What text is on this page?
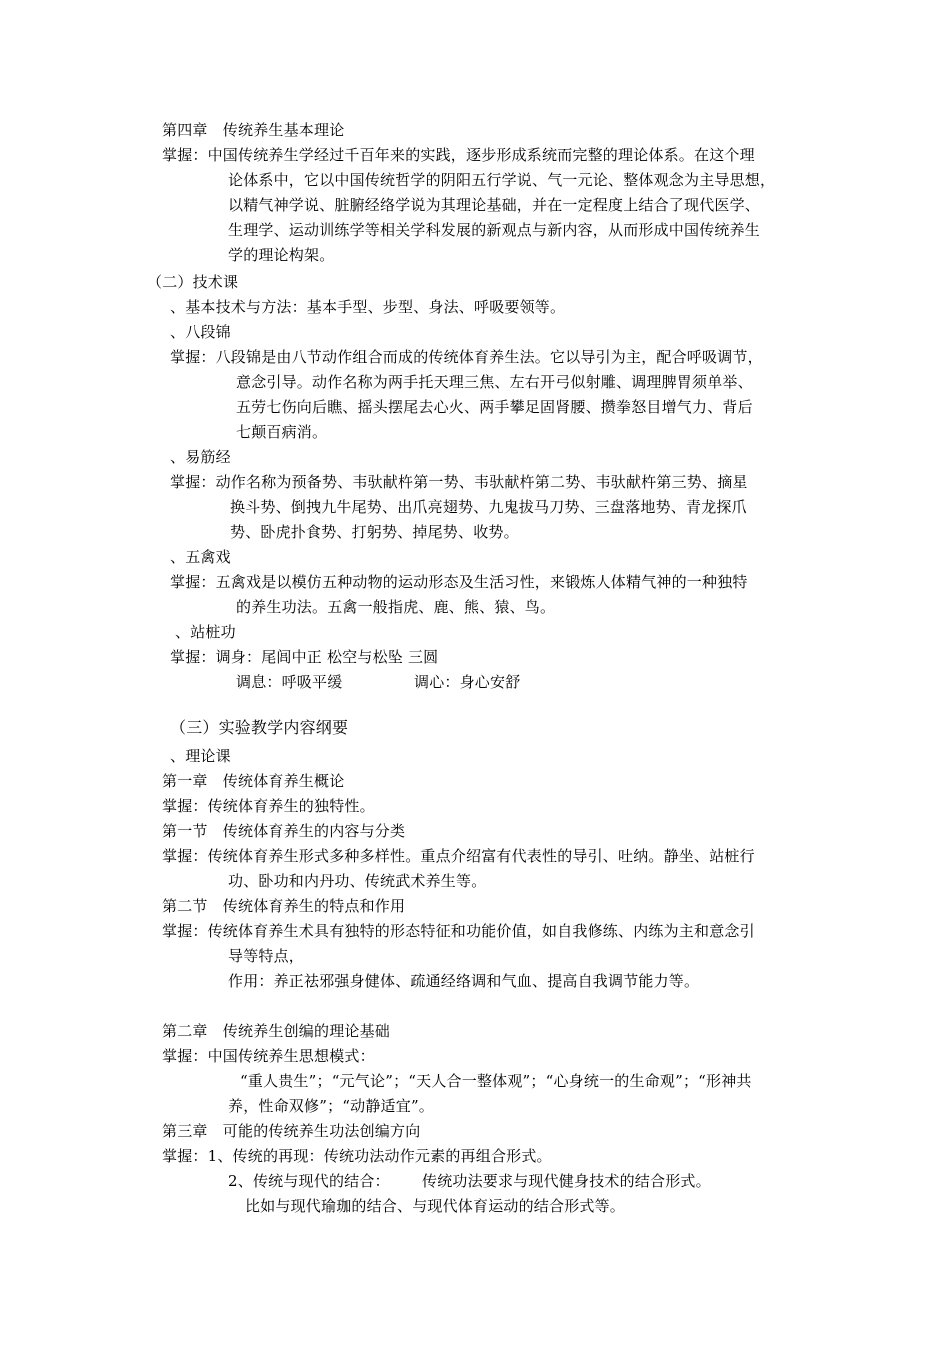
第四章　传统养生基本理论
掌握：中国传统养生学经过千百年来的实践，逐步形成系统而完整的理论体系。在这个理
论体系中，它以中国传统哲学的阴阳五行学说、气一元论、整体观念为主导思想，
以精气神学说、脏腑经络学说为其理论基础，并在一定程度上结合了现代医学、
生理学、运动训练学等相关学科发展的新观点与新内容，从而形成中国传统养生
学的理论构架。
（二）技术课
、基本技术与方法：基本手型、步型、身法、呼吸要领等。
、八段锦
掌握：八段锦是由八节动作组合而成的传统体育养生法。它以导引为主，配合呼吸调节，
意念引导。动作名称为两手托天理三焦、左右开弓似射雕、调理脾胃须单举、
五劳七伤向后瞧、摇头摆尾去心火、两手攀足固肾腰、攒拳怒目增气力、背后
七颠百病消。
、易筋经
掌握：动作名称为预备势、韦驮献杵第一势、韦驮献杵第二势、韦驮献杵第三势、摘星
换斗势、倒拽九牛尾势、出爪亮翅势、九鬼拔马刀势、三盘落地势、青龙探爪
势、卧虎扑食势、打躬势、掉尾势、收势。
、五禽戏
掌握：五禽戏是以模仿五种动物的运动形态及生活习性，来锻炼人体精气神的一种独特
的养生功法。五禽一般指虎、鹿、熊、猿、鸟。
、站桩功
掌握：调身：尾闾中正 松空与松坠 三圆
调息：呼吸平缓	调心：身心安舒
（三）实验教学内容纲要
、理论课
第一章　传统体育养生概论
掌握：传统体育养生的独特性。
第一节　传统体育养生的内容与分类
掌握：传统体育养生形式多种多样性。重点介绍富有代表性的导引、吐纳。静坐、站桩行
功、卧功和内丹功、传统武术养生等。
第二节　传统体育养生的特点和作用
掌握：传统体育养生术具有独特的形态特征和功能价值，如自我修练、内练为主和意念引
导等特点，
作用：养正祛邪强身健体、疏通经络调和气血、提高自我调节能力等。
第二章　传统养生创编的理论基础
掌握：中国传统养生思想模式：
“重人贵生”；“元气论”；“天人合一整体观”；“心身统一的生命观”；“形神共
养，性命双修”；“动静适宜”。
第三章　可能的传统养生功法创编方向
掌握：1、传统的再现：传统功法动作元素的再组合形式。
2、传统与现代的结合： 传统功法要求与现代健身技术的结合形式。
比如与现代瑜珈的结合、与现代体育运动的结合形式等。
